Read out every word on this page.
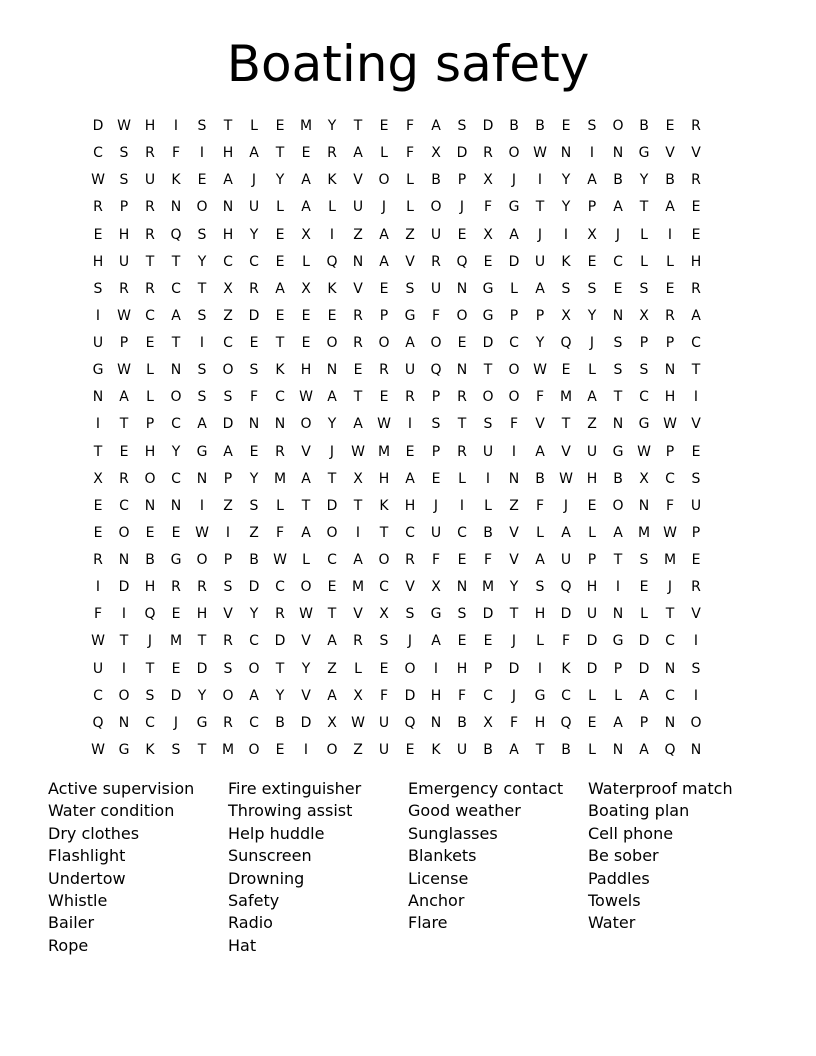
Boating safety
D W H	I	S	T	L	E	M	Y	T	E	F	A	S	D	B	B	E	S	O	B	E	R
C	S	R	F	I	H	A	T	E	R	A	L	F	X	D	R	O W N	I	N	G	V	V
W	S	U	K	E	A	J	Y	A	K	V	O	L	B	P	X	J	I	Y	A	B	Y	B	R
R	P	R	N	O	N	U	L	A	L	U	J	L	O	J	F	G	T	Y	P	A	T	A	E
E	H	R	Q	S	H	Y	E	X	I	Z	A	Z	U	E	X	A	J	I	X	J	L	I	E
H	U	T	T	Y	C	C	E	L	Q	N	A	V	R	Q	E	D	U	K	E	C	L	L	H
S	R	R	C	T	X	R	A	X	K	V	E	S	U	N	G	L	A	S	S	E	S	E	R
I	W	C	A	S	Z	D	E	E	E	R	P	G	F	O	G	P	P	X	Y	N	X	R	A
U	P	E	T	I	C	E	T	E	O	R	O	A	O	E	D	C	Y	Q	J	S	P	P	C
G W	L	N	S	O	S	K	H	N	E	R	U	Q	N	T	O W	E	L	S	S	N	T
N	A	L	O	S	S	F	C	W	A	T	E	R	P	R	O	O	F	M	A	T	C	H	I
I	T	P	C	A	D	N	N	O	Y	A	W	I	S	T	S	F	V	T	Z	N	G W	V
T	E	H	Y	G	A	E	R	V	J	W M	E	P	R	U	I	A	V	U	G W	P	E
X	R	O	C	N	P	Y	M	A	T	X	H	A	E	L	I	N	B	W H	B	X	C	S
E	C	N	N	I	Z	S	L	T	D	T	K	H	J	I	L	Z	F	J	E	O	N	F	U
E	O	E	E	W	I	Z	F	A	O	I	T	C	U	C	B	V	L	A	L	A	M W	P
R	N	B	G	O	P	B	W	L	C	A	O	R	F	E	F	V	A	U	P	T	S	M	E
I	D	H	R	R	S	D	C	O	E	M	C	V	X	N	M	Y	S	Q	H	I	E	J	R
F	I	Q	E	H	V	Y	R	W	T	V	X	S	G	S	D	T	H	D	U	N	L	T	V
W	T	J	M	T	R	C	D	V	A	R	S	J	A	E	E	J	L	F	D	G	D	C	I
U	I	T	E	D	S	O	T	Y	Z	L	E	O	I	H	P	D	I	K	D	P	D	N	S
C	O	S	D	Y	O	A	Y	V	A	X	F	D	H	F	C	J	G	C	L	L	A	C	I
Q	N	C	J	G	R	C	B	D	X	W U	Q	N	B	X	F	H	Q	E	A	P	N	O
W G	K	S	T	M	O	E	I	O	Z	U	E	K	U	B	A	T	B	L	N	A	Q	N
Active supervision
Water condition
Dry clothes
Flashlight
Undertow
Whistle
Bailer
Rope
Fire extinguisher
Throwing assist
Help huddle
Sunscreen
Drowning
Safety
Radio
Hat
Emergency contact
Good weather
Sunglasses
Blankets
License
Anchor
Flare
Waterproof match
Boating plan
Cell phone
Be sober
Paddles
Towels
Water
